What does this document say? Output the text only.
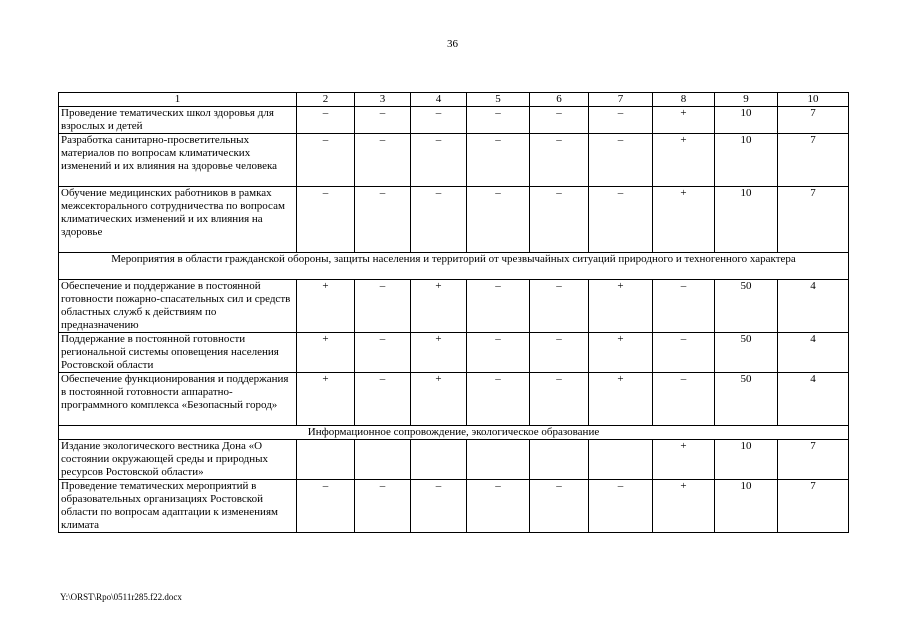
36
1	2	3	4	5	6	7	8	9	10
Проведение тематических школ здоровья для взрослых и детей	–	–	–	–	–	–	+	10	7
Разработка санитарно-просветительных материалов по вопросам климатических изменений и их влияния на здоровье человека	–	–	–	–	–	–	+	10	7
Обучение медицинских работников в рамках межсекторального сотрудничества по вопросам климатических изменений и их влияния на здоровье	–	–	–	–	–	–	+	10	7
Мероприятия в области гражданской обороны, защиты населения и территорий от чрезвычайных ситуаций природного и техногенного характера									
Обеспечение и поддержание в постоянной готовности пожарно-спасательных сил и средств областных служб к действиям по предназначению	+	–	+	–	–	+	–	50	4
Поддержание в постоянной готовности региональной системы оповещения населения Ростовской области	+	–	+	–	–	+	–	50	4
Обеспечение функционирования и поддержания в постоянной готовности аппаратно-программного комплекса «Безопасный город»	+	–	+	–	–	+	–	50	4
Информационное сопровождение, экологическое образование									
Издание экологического вестника Дона «О состоянии окружающей среды и природных ресурсов Ростовской области»							+	10	7
Проведение тематических мероприятий в образовательных организациях Ростовской области по вопросам адаптации к изменениям климата	–	–	–	–	–	–	+	10	7
Y:\ORST\Rpo\0511r285.f22.docx
